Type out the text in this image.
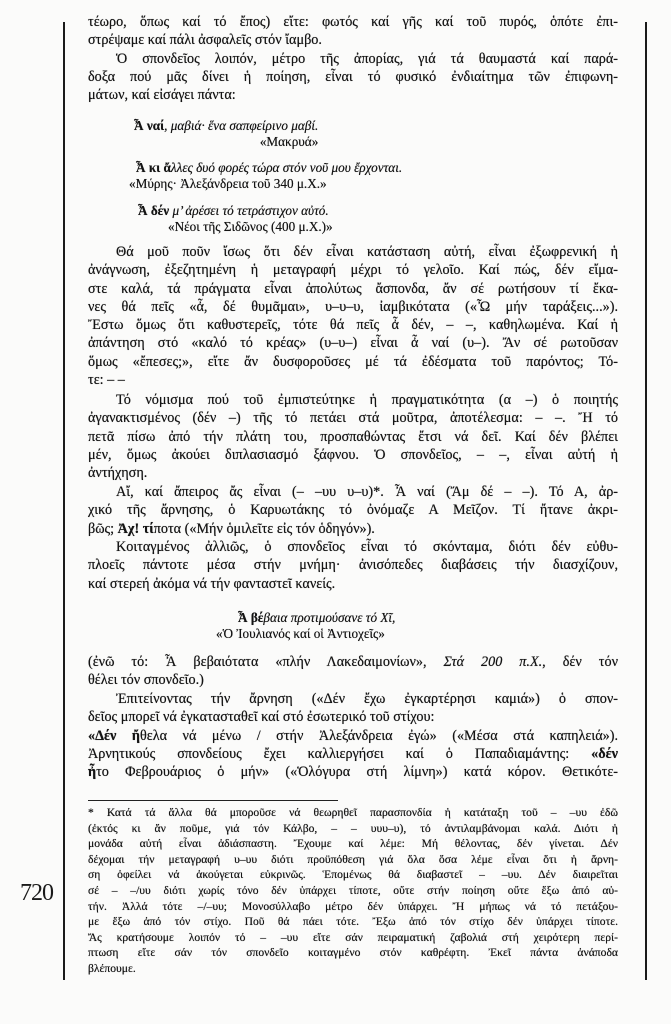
720
τέωρο, ὅπως καί τό ἔπος) εἴτε: φωτός καί γῆς καί τοῦ πυρός, ὁπότε ἐπι-
στρέψαμε καί πάλι ἀσφαλεῖς στόν ἴαμβο.
Ὁ σπονδεῖος λοιπόν, μέτρο τῆς ἀπορίας, γιά τά θαυμαστά καί παρά-
δοξα πού μᾶς δίνει ἡ ποίηση, εἶναι τό φυσικό ἐνδιαίτημα τῶν ἐπιφωνη-
μάτων, καί εἰσάγει πάντα:
Ἆ ναί, μαβιά· ἕνα σαπφείρινο μαβί.
«Μακρυά»
Ἆ κι ἄλλες δυό φορές τώρα στόν νοῦ μου ἔρχονται.
«Μύρης· Ἀλεξάνδρεια τοῦ 340 μ.Χ.»
Ἆ δέν μ’ ἀρέσει τό τετράστιχον αὐτό.
«Νέοι τῆς Σιδῶνος (400 μ.Χ.)»
Θά μοῦ ποῦν ἴσως ὅτι δέν εἶναι κατάσταση αὐτή, εἶναι ἐξωφρενική ἡ
ἀνάγνωση, ἐξεζητημένη ἡ μεταγραφή μέχρι τό γελοῖο. Καί πώς, δέν εἴμα-
στε καλά, τά πράγματα εἶναι ἀπολύτως ἄσπονδα, ἄν σέ ρωτήσουν τί ἔκα-
νες θά πεῖς «ἆ, δέ θυμᾶμαι», υ–υ–υ, ἰαμβικότατα («Ὦ μήν ταράξεις...»).
Ἔστω ὅμως ὅτι καθυστερεῖς, τότε θά πεῖς ἆ δέν, – –, καθηλωμένα. Καί ἡ
ἀπάντηση στό «καλό τό κρέας» (υ–υ–) εἶναι ἆ ναί (υ–). Ἄν σέ ρωτοῦσαν
ὅμως «ἔπεσες;», εἴτε ἄν δυσφοροῦσες μέ τά ἐδέσματα τοῦ παρόντος; Τό-
τε: – –
Τό νόμισμα πού τοῦ ἐμπιστεύτηκε ἡ πραγματικότητα (α –) ὁ ποιητής
ἀγανακτισμένος (δέν –) τῆς τό πετάει στά μοῦτρα, ἀποτέλεσμα: – –. Ἤ τό
πετᾶ πίσω ἀπό τήν πλάτη του, προσπαθώντας ἔτσι νά δεῖ. Καί δέν βλέπει
μέν, ὅμως ἀκούει διπλασιασμό ξάφνου. Ὁ σπονδεῖος, – –, εἶναι αὐτή ἡ
ἀντήχηση.
Αἴ, καί ἄπειρος ἄς εἶναι (– –υυ υ–υ)*. Ἆ ναί (Ἄμ δέ – –). Τό Α, ἀρ-
χικό τῆς ἄρνησης, ὁ Καρυωτάκης τό ὀνόμαζε Α Μεῖζον. Τί ἤτανε ἀκρι-
βῶς; Ἀχ! τίποτα («Μήν ὁμιλεῖτε εἰς τόν ὁδηγόν»).
Κοιταγμένος ἀλλιῶς, ὁ σπονδεῖος εἶναι τό σκόνταμα, διότι δέν εὐθυ-
πλοεῖς πάντοτε μέσα στήν μνήμη· ἀνισόπεδες διαβάσεις τήν διασχίζουν,
καί στερεή ἀκόμα νά τήν φανταστεῖ κανείς.
Ἆ βέβαια προτιμούσανε τό Χῖ,
«Ὁ Ἰουλιανός καί οἱ Ἀντιοχεῖς»
(ἐνῶ τό: Ἆ βεβαιότατα «πλήν Λακεδαιμονίων», Στά 200 π.Χ., δέν τόν
θέλει τόν σπονδεῖο.)
Ἐπιτείνοντας τήν ἄρνηση («Δέν ἔχω ἐγκαρτέρησι καμιά») ὁ σπον-
δεῖος μπορεῖ νά ἐγκατασταθεῖ καί στό ἐσωτερικό τοῦ στίχου:
«Δέν ἤθελα νά μένω / στήν Ἀλεξάνδρεια ἐγώ» («Μέσα στά καπηλειά»).
Ἀρνητικούς σπονδείους ἔχει καλλιεργήσει καί ὁ Παπαδιαμάντης: «δέν
ἦτο Φεβρουάριος ὁ μήν» («Ὁλόγυρα στή λίμνη») κατά κόρον. Θετικότε-
* Κατά τά ἄλλα θά μποροῦσε νά θεωρηθεῖ παρασπονδία ἡ κατάταξη τοῦ – –υυ ἐδῶ
(ἐκτός κι ἄν ποῦμε, γιά τόν Κάλβο, – – υυυ–υ), τό ἀντιλαμβάνομαι καλά. Διότι ἡ
μονάδα αὐτή εἶναι ἀδιάσπαστη. Ἔχουμε καί λέμε: Μή θέλοντας, δέν γίνεται. Δέν
δέχομαι τήν μεταγραφή υ–υυ διότι προϋπόθεση γιά ὅλα ὅσα λέμε εἶναι ὅτι ἡ ἄρνη-
ση ὀφείλει νά ἀκούγεται εὐκρινῶς. Ἑπομένως θά διαβαστεῖ – –υυ. Δέν διαιρεῖται
σέ – –/υυ διότι χωρίς τόνο δέν ὑπάρχει τίποτε, οὔτε στήν ποίηση οὔτε ἔξω ἀπό αὐ-
τήν. Ἀλλά τότε –/–υυ; Μονοσύλλαβο μέτρο δέν ὑπάρχει. Ἤ μήπως νά τό πετάξου-
με ἔξω ἀπό τόν στίχο. Ποῦ θά πάει τότε. Ἔξω ἀπό τόν στίχο δέν ὑπάρχει τίποτε.
Ἄς κρατήσουμε λοιπόν τό – –υυ εἴτε σάν πειραματική ζαβολιά στή χειρότερη περί-
πτωση εἴτε σάν τόν σπονδεῖο κοιταγμένο στόν καθρέφτη. Ἐκεῖ πάντα ἀνάποδα
βλέπουμε.
